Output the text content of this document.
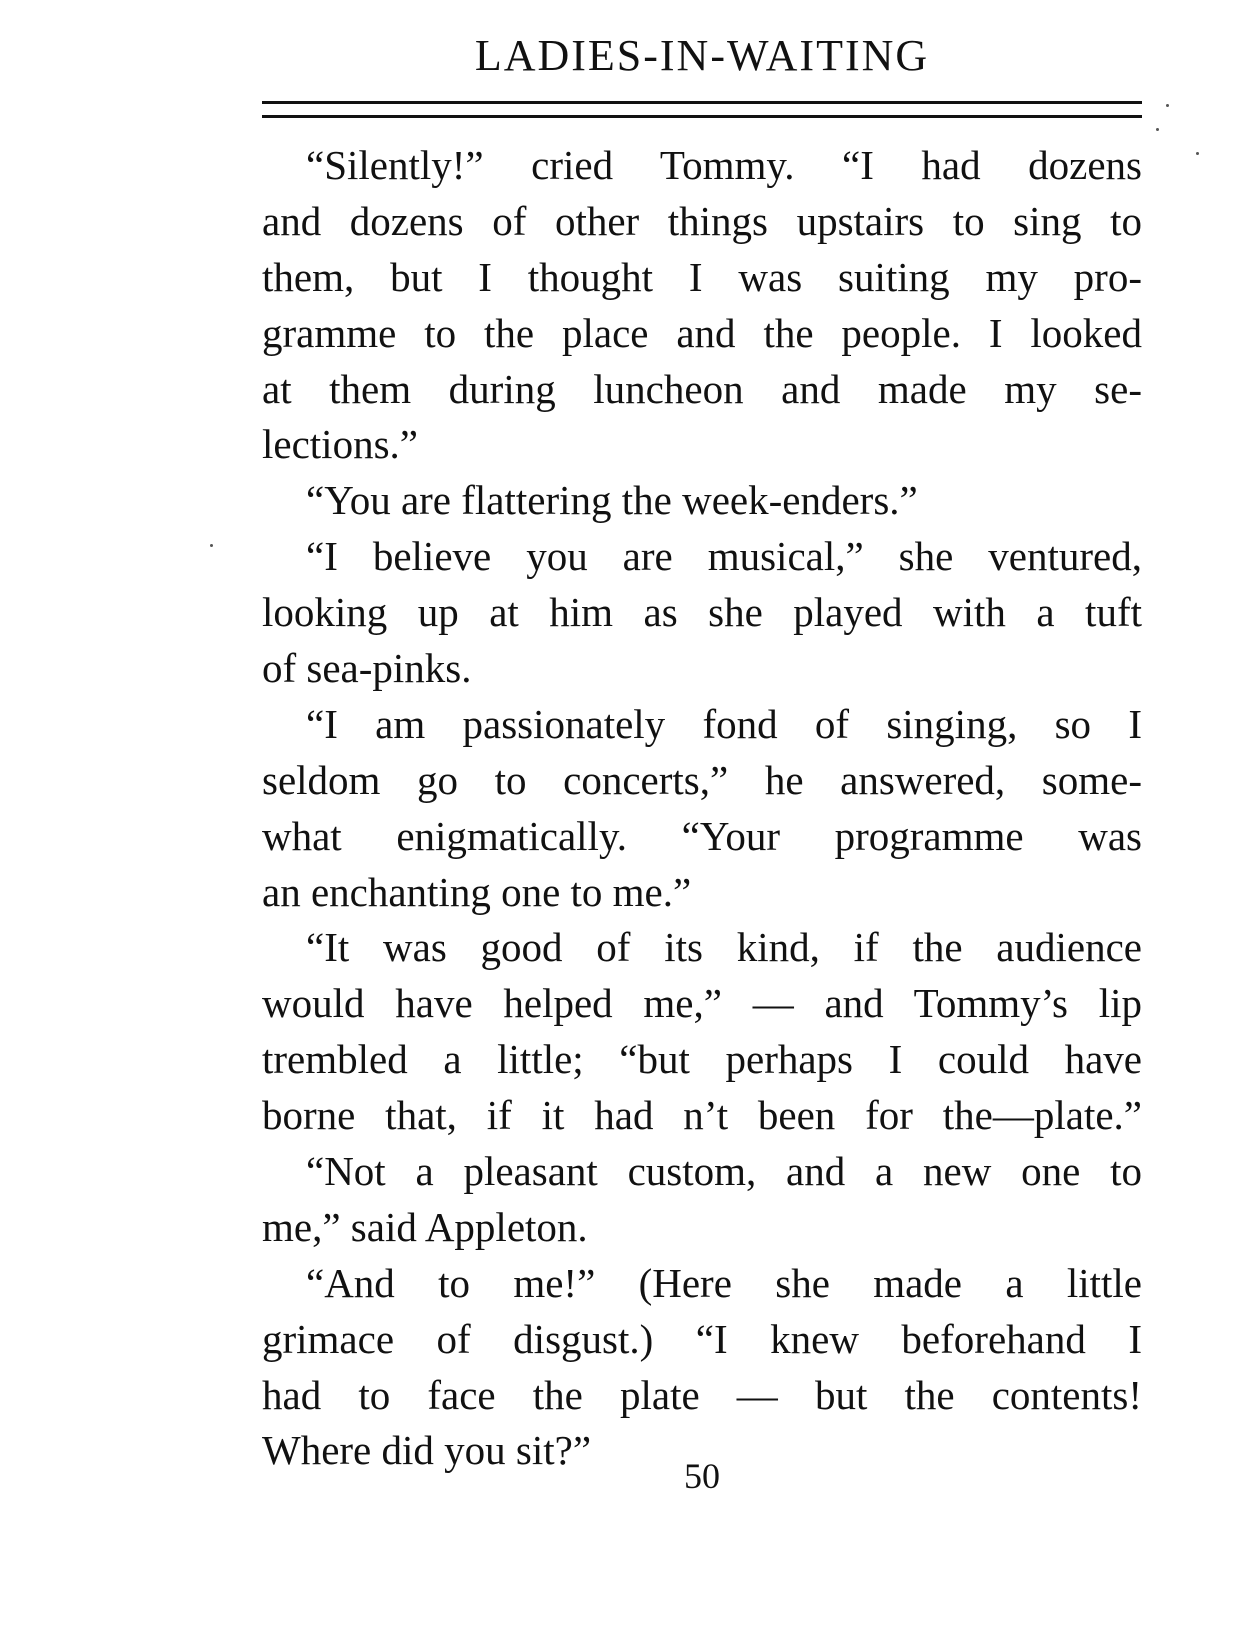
LADIES-IN-WAITING
“Silently!” cried Tommy. “I had dozens
and dozens of other things upstairs to sing to
them, but I thought I was suiting my pro-
gramme to the place and the people. I looked
at them during luncheon and made my se-
lections.”
“You are flattering the week-enders.”
“I believe you are musical,” she ventured,
looking up at him as she played with a tuft
of sea-pinks.
“I am passionately fond of singing, so I
seldom go to concerts,” he answered, some-
what enigmatically. “Your programme was
an enchanting one to me.”
“It was good of its kind, if the audience
would have helped me,” — and Tommy’s lip
trembled a little; “but perhaps I could have
borne that, if it had n’t been for the—plate.”
“Not a pleasant custom, and a new one to
me,” said Appleton.
“And to me!” (Here she made a little
grimace of disgust.) “I knew beforehand I
had to face the plate — but the contents!
Where did you sit?”
50
